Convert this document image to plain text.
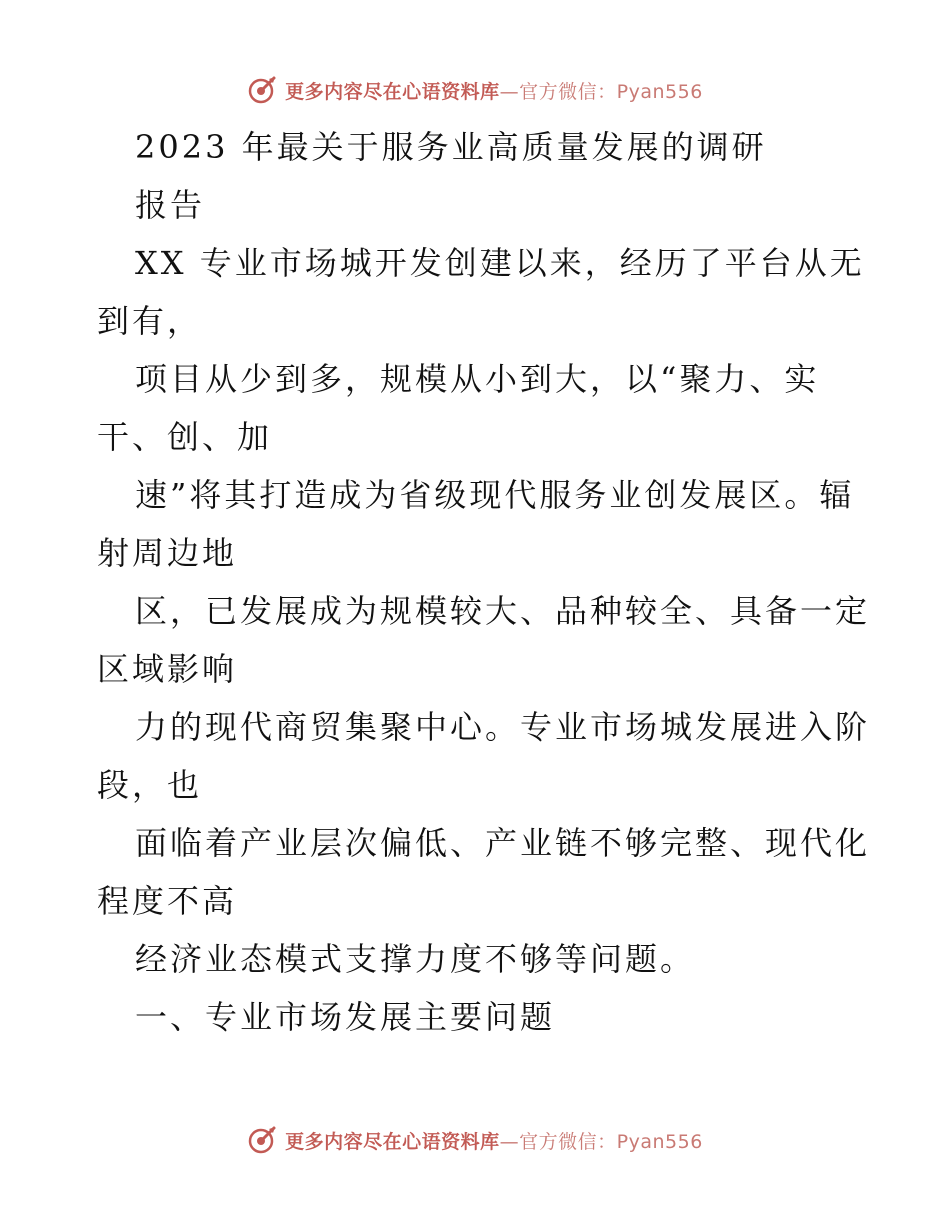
更多内容尽在心语资料库—官方微信：Pyan556
2023 年最关于服务业高质量发展的调研
报告
XX 专业市场城开发创建以来，经历了平台从无
到有，
项目从少到多，规模从小到大，以“聚力、实
干、创、加
速”将其打造成为省级现代服务业创发展区。辐
射周边地
区，已发展成为规模较大、品种较全、具备一定
区域影响
力的现代商贸集聚中心。专业市场城发展进入阶
段，也
面临着产业层次偏低、产业链不够完整、现代化
程度不高
经济业态模式支撑力度不够等问题。
一、专业市场发展主要问题
更多内容尽在心语资料库—官方微信：Pyan556
